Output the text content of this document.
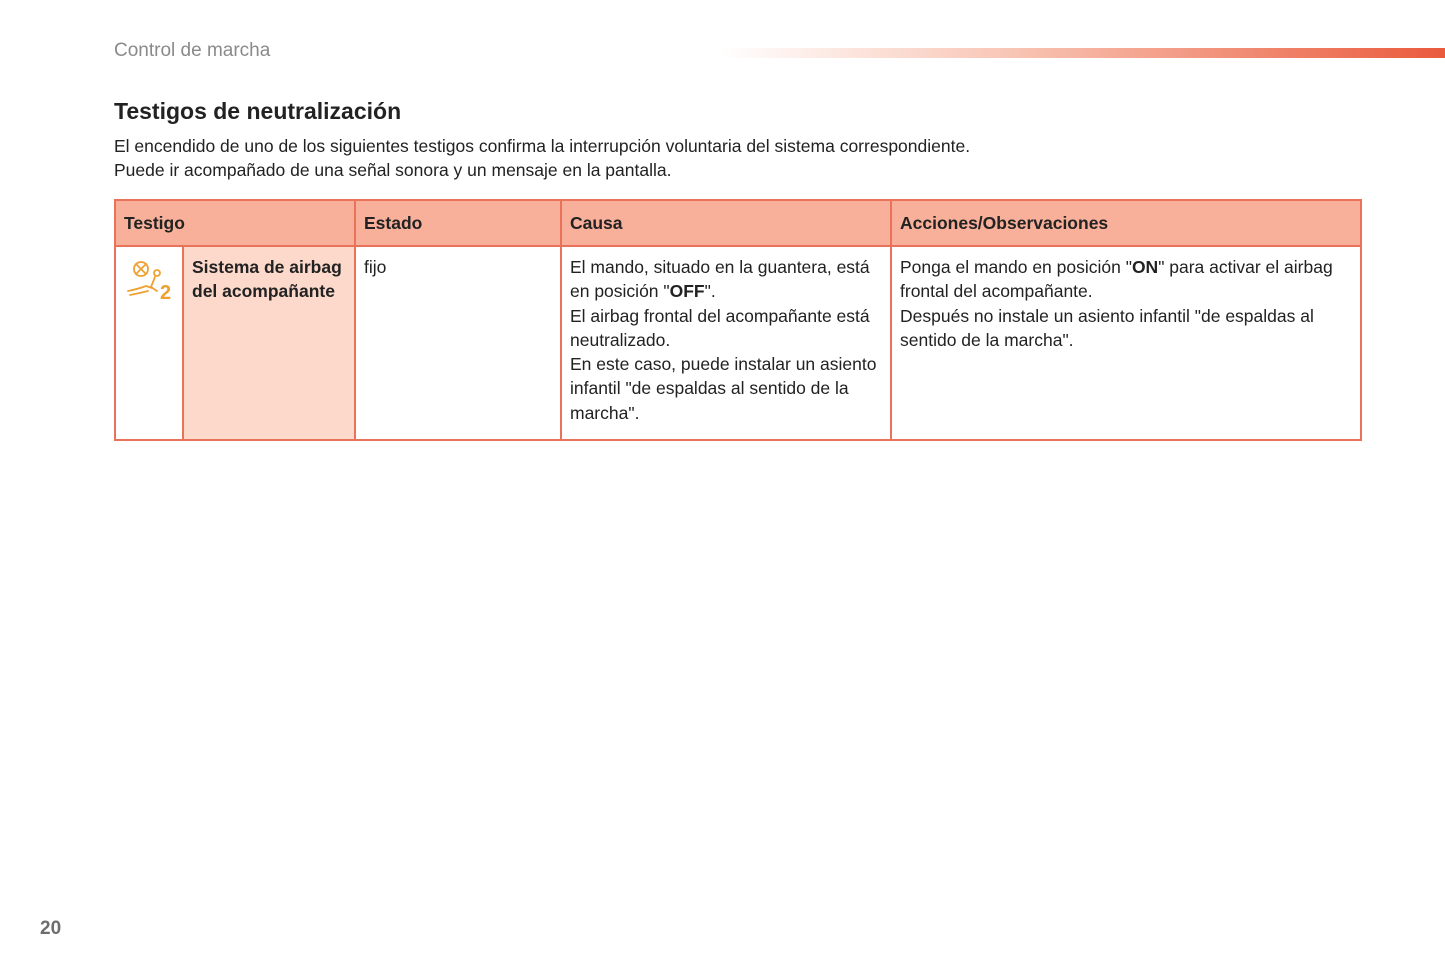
Control de marcha
Testigos de neutralización

El encendido de uno de los siguientes testigos confirma la interrupción voluntaria del sistema correspondiente.

Puede ir acompañado de una señal sonora y un mensaje en la pantalla.

Testigo		Estado	Causa	Acciones/Observaciones

2	Sistema de airbag del acompañante	fijo	El mando, situado en la guantera, está en posición "OFF".
El airbag frontal del acompañante está neutralizado.
En este caso, puede instalar un asiento infantil "de espaldas al sentido de la marcha".	Ponga el mando en posición "ON" para activar el airbag frontal del acompañante.
Después no instale un asiento infantil "de espaldas al sentido de la marcha".
20
